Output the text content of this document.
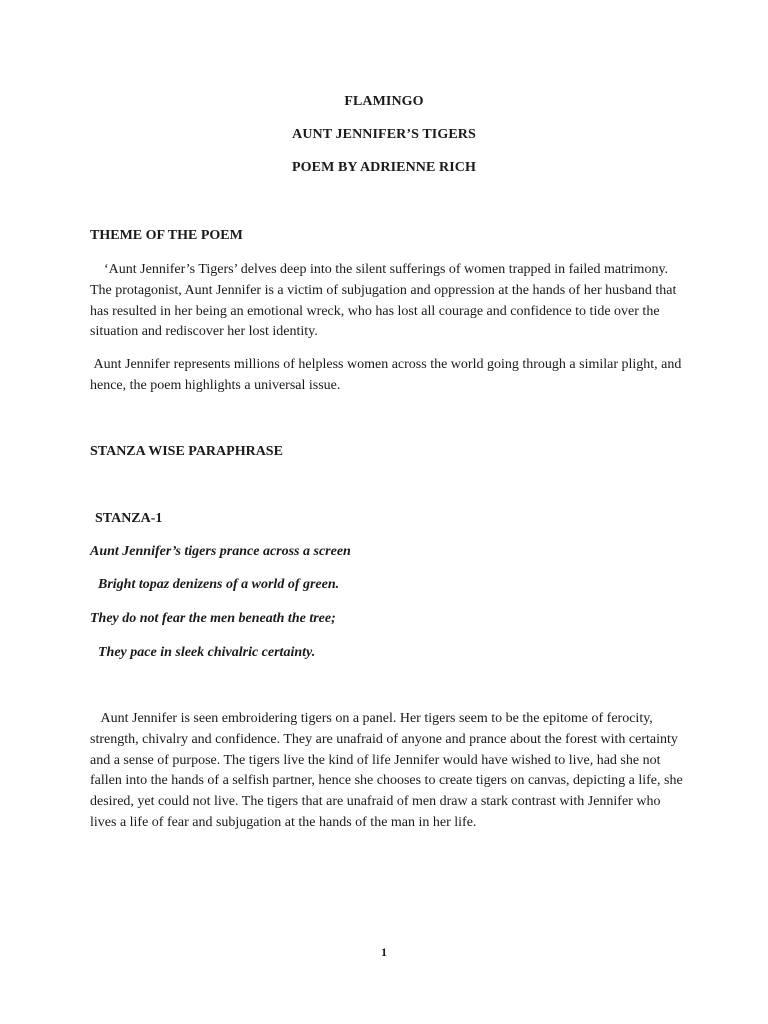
FLAMINGO
AUNT JENNIFER’S TIGERS
POEM BY ADRIENNE RICH
THEME OF THE POEM

‘Aunt Jennifer’s Tigers’ delves deep into the silent sufferings of women trapped in failed matrimony. The protagonist, Aunt Jennifer is a victim of subjugation and oppression at the hands of her husband that has resulted in her being an emotional wreck, who has lost all courage and confidence to tide over the situation and rediscover her lost identity.

Aunt Jennifer represents millions of helpless women across the world going through a similar plight, and hence, the poem highlights a universal issue.

STANZA WISE PARAPHRASE
STANZA-1
Aunt Jennifer’s tigers prance across a screen
Bright topaz denizens of a world of green.
They do not fear the men beneath the tree;
They pace in sleek chivalric certainty.

Aunt Jennifer is seen embroidering tigers on a panel. Her tigers seem to be the epitome of ferocity, strength, chivalry and confidence. They are unafraid of anyone and prance about the forest with certainty and a sense of purpose. The tigers live the kind of life Jennifer would have wished to live, had she not fallen into the hands of a selfish partner, hence she chooses to create tigers on canvas, depicting a life, she desired, yet could not live. The tigers that are unafraid of men draw a stark contrast with Jennifer who lives a life of fear and subjugation at the hands of the man in her life.

1
